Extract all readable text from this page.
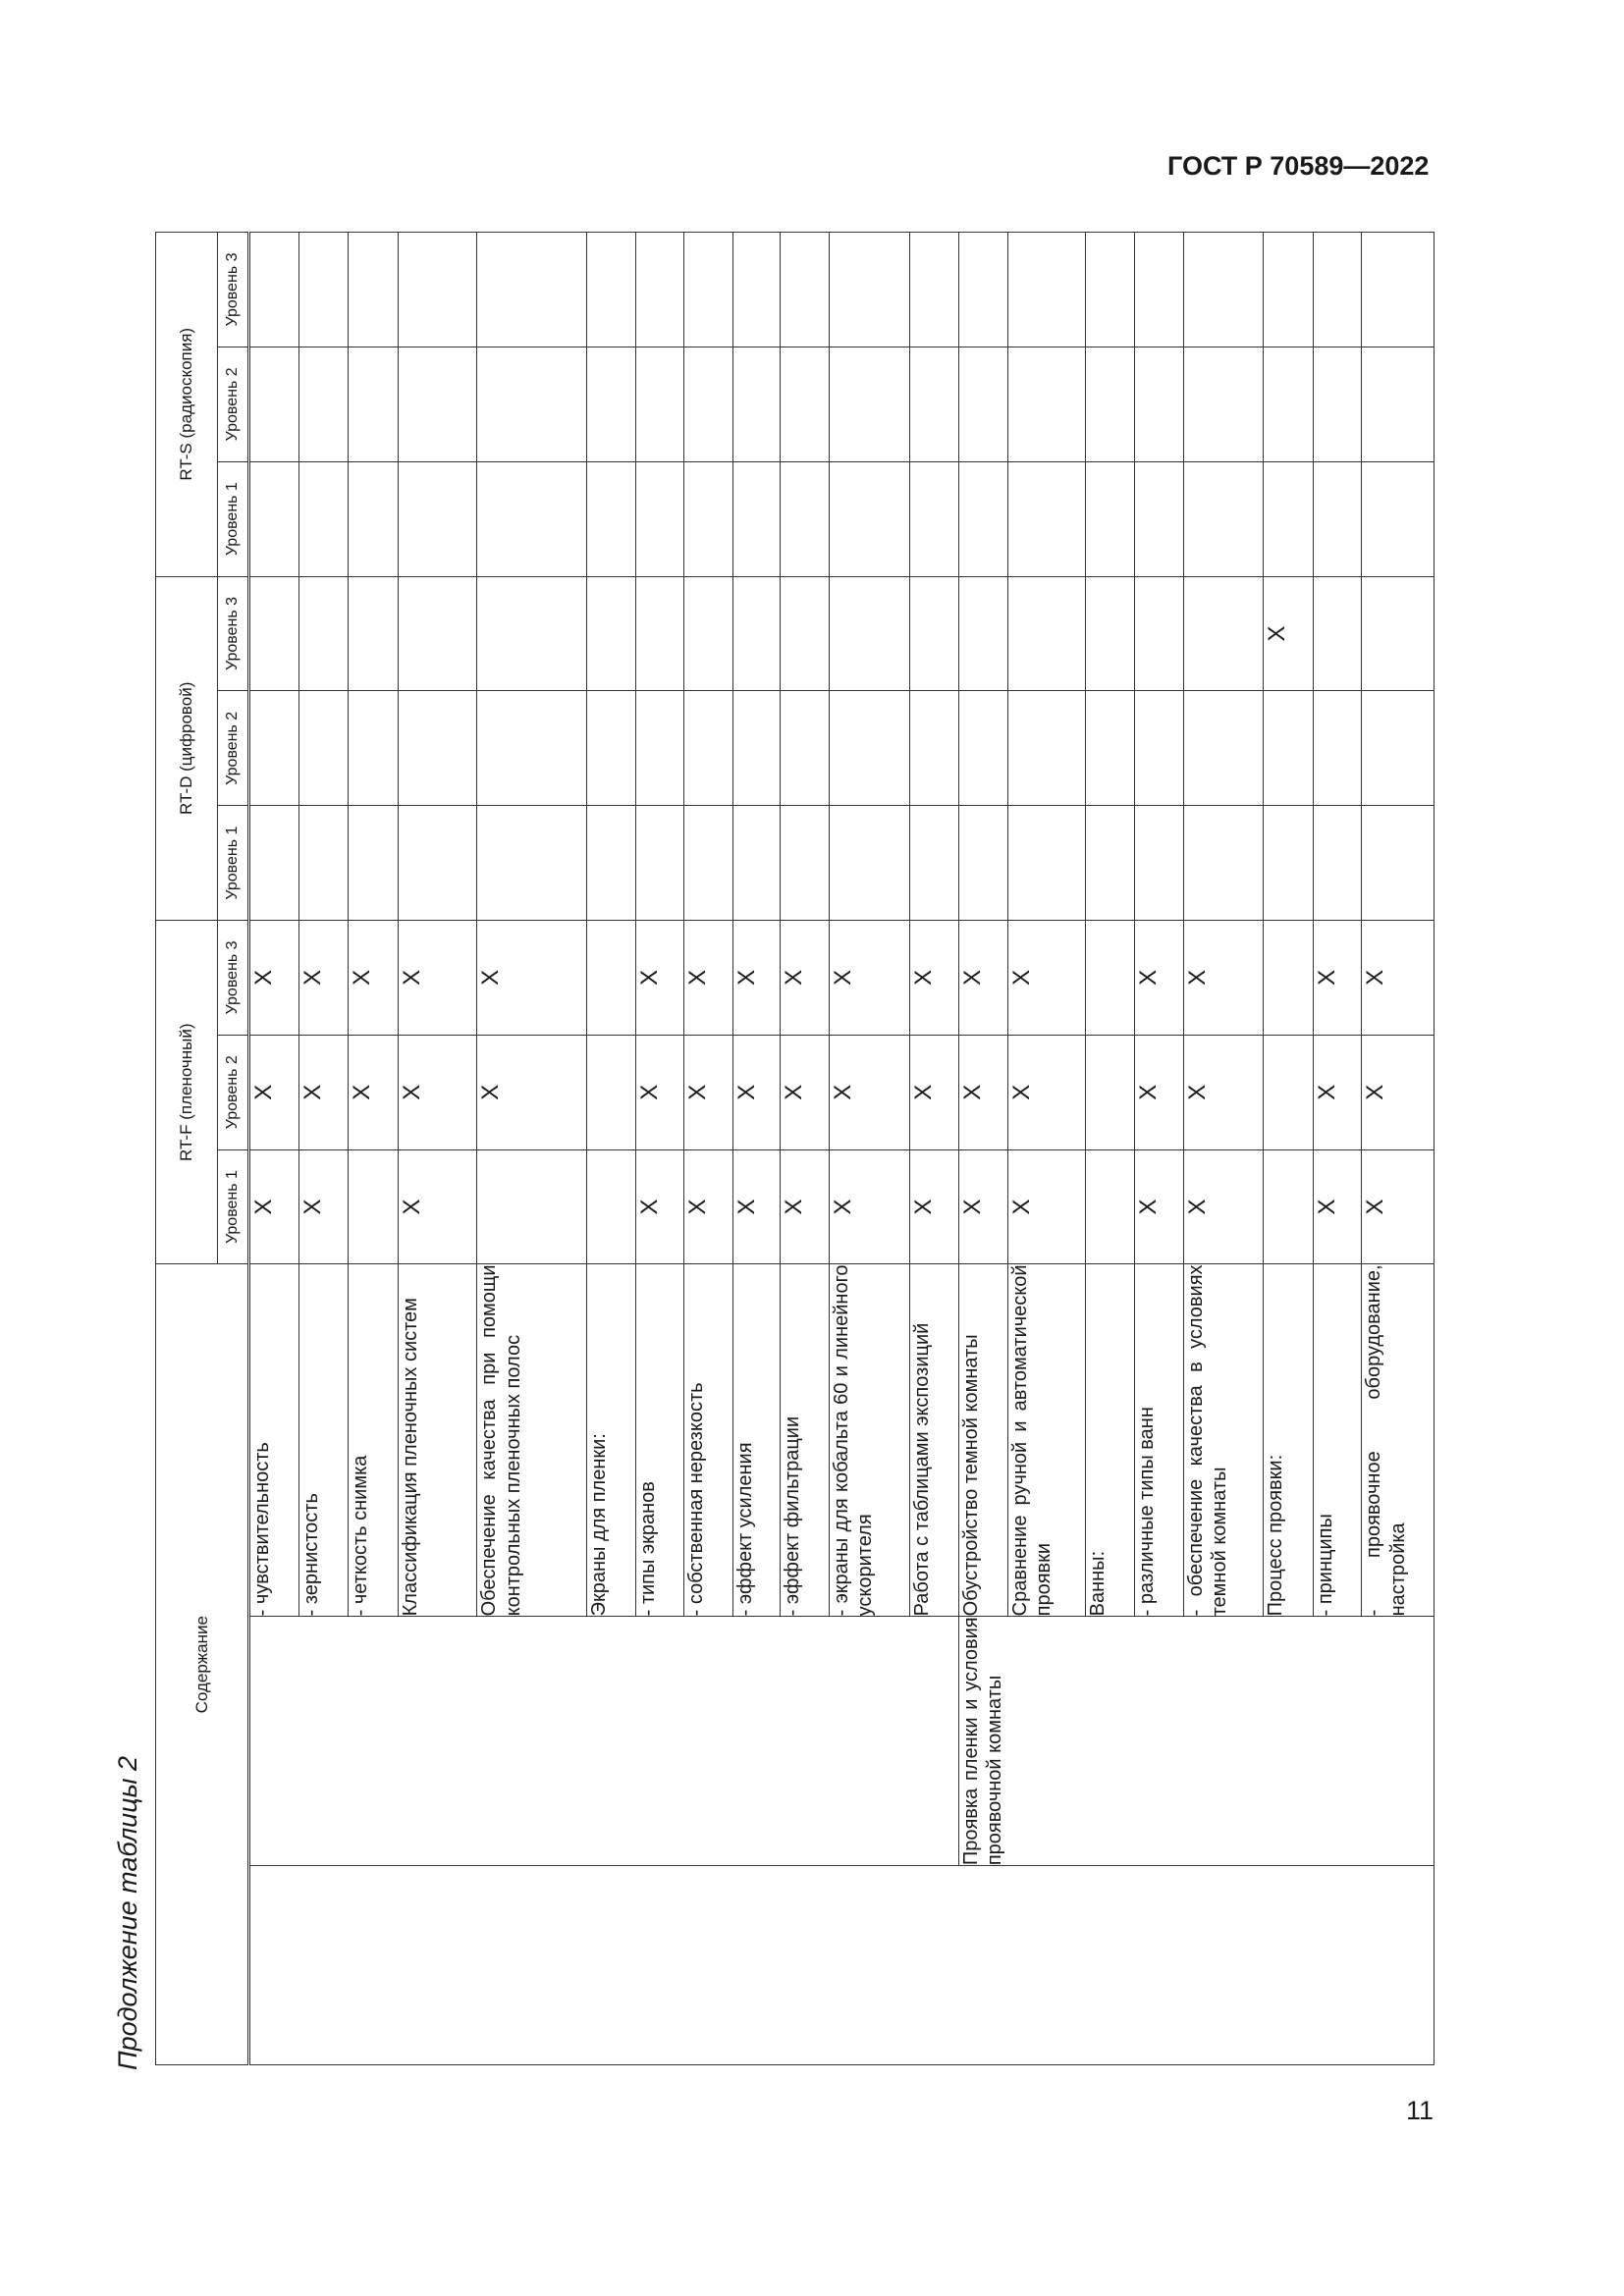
ГОСТ Р 70589—2022
Продолжение таблицы 2
11
Содержание			RT-F (пленочный)			RT-D (цифровой)			RT-S (радиоскопия)		
			Уровень 1	Уровень 2	Уровень 3	Уровень 1	Уровень 2	Уровень 3	Уровень 1	Уровень 2	Уровень 3
		- чувствительность	X	X	X						
		- зернистость	X	X	X						
		- четкость снимка		X	X						
		Классификация пленочных систем	X	X	X						
		Обеспечение качества при помощи контрольных пленочных полос		X	X						
		Экраны для пленки:									
		- типы экранов	X	X	X						
		- собственная нерезкость	X	X	X						
		- эффект усиления	X	X	X						
		- эффект фильтрации	X	X	X						
		- экраны для кобальта 60 и линейного ускорителя	X	X	X						
		Работа с таблицами экспозиций	X	X	X						
	Проявка пленки и условия проявочной комнаты	Обустройство темной комнаты	X	X	X						
		Сравнение ручной и автоматической проявки	X	X	X						
		Ванны:									
		- различные типы ванн	X	X	X						
		- обеспечение качества в условиях темной комнаты	X	X	X						
		Процесс проявки:						X			
		- принципы	X	X	X						
		- проявочное оборудование, настройка	X	X	X						
